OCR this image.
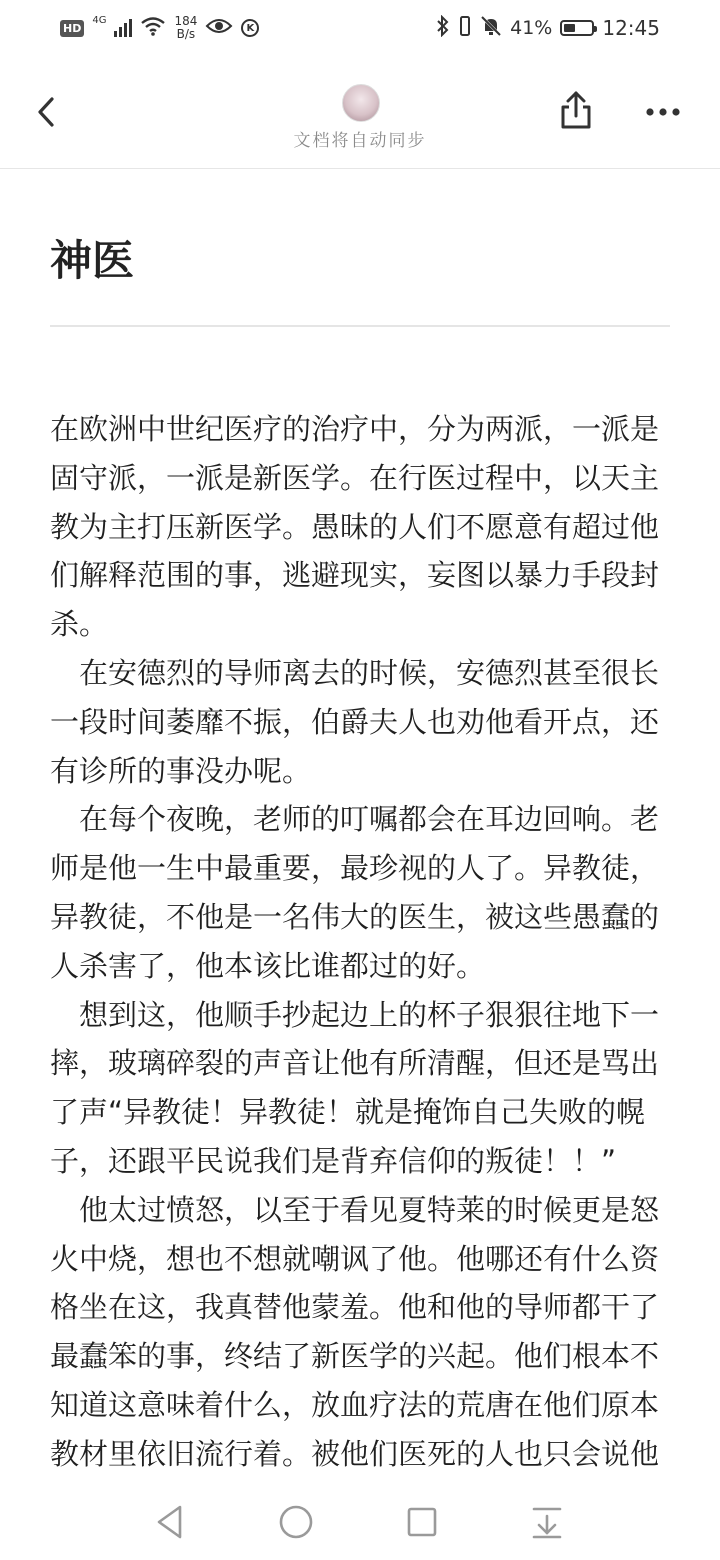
HD
4G	184
B/s	K	41%	12:45
文档将自动同步
神医

在欧洲中世纪医疗的治疗中，分为两派，一派是固守派，一派是新医学。在行医过程中，以天主教为主打压新医学。愚昧的人们不愿意有超过他们解释范围的事，逃避现实，妄图以暴力手段封杀。

　在安德烈的导师离去的时候，安德烈甚至很长一段时间萎靡不振，伯爵夫人也劝他看开点，还有诊所的事没办呢。

　在每个夜晚，老师的叮嘱都会在耳边回响。老师是他一生中最重要，最珍视的人了。异教徒，异教徒，不他是一名伟大的医生，被这些愚蠢的人杀害了，他本该比谁都过的好。

　想到这，他顺手抄起边上的杯子狠狠往地下一摔，玻璃碎裂的声音让他有所清醒，但还是骂出了声“异教徒！异教徒！就是掩饰自己失败的幌子，还跟平民说我们是背弃信仰的叛徒！！”

　他太过愤怒，以至于看见夏特莱的时候更是怒火中烧，想也不想就嘲讽了他。他哪还有什么资格坐在这，我真替他蒙羞。他和他的导师都干了最蠢笨的事，终结了新医学的兴起。他们根本不知道这意味着什么，放血疗法的荒唐在他们原本教材里依旧流行着。被他们医死的人也只会说他
